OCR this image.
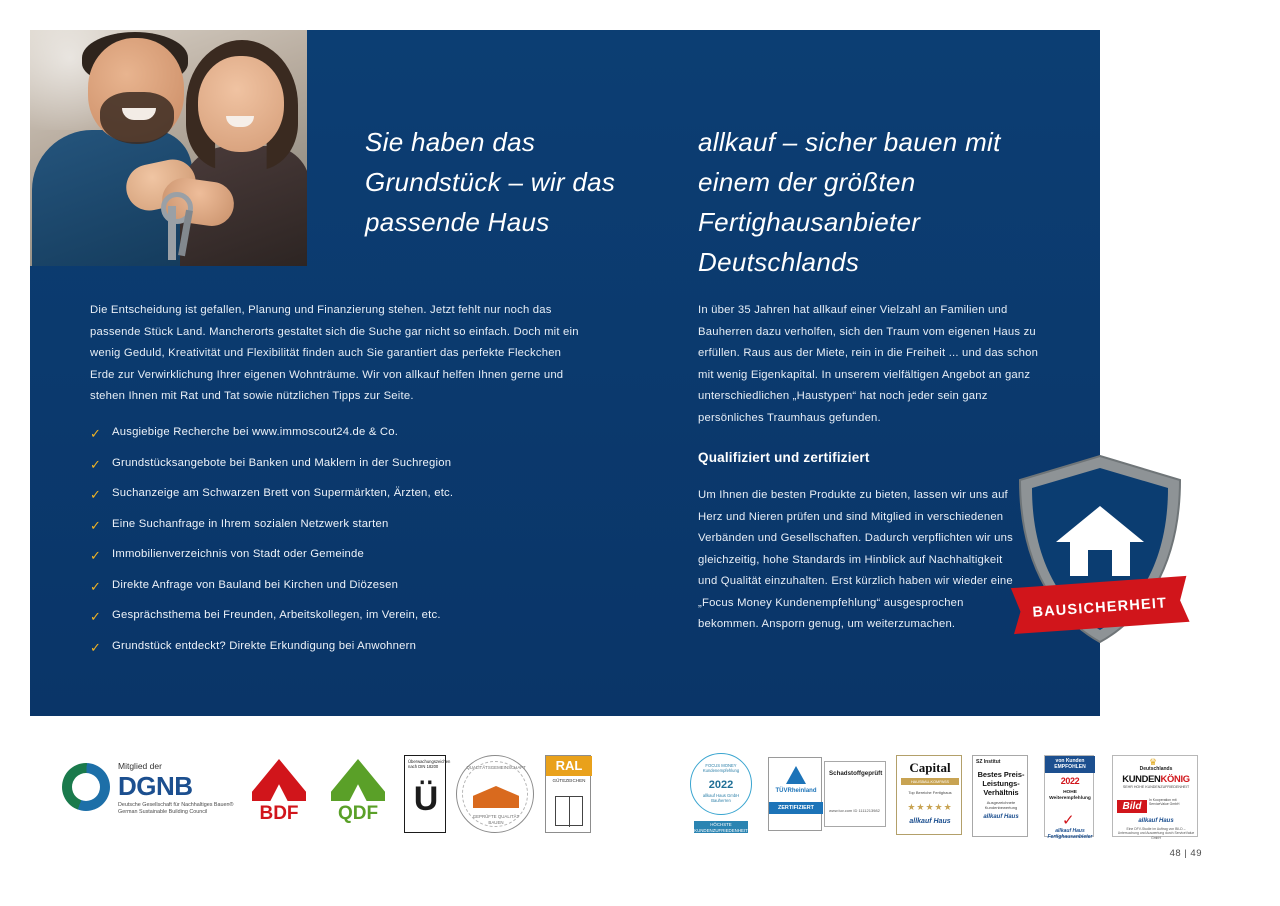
Sie haben das Grundstück – wir das passende Haus
allkauf – sicher bauen mit einem der größten Fertighausanbieter Deutschlands
Die Entscheidung ist gefallen, Planung und Finanzierung stehen. Jetzt fehlt nur noch das passende Stück Land. Mancherorts gestaltet sich die Suche gar nicht so einfach. Doch mit ein wenig Geduld, Kreativität und Flexibilität finden auch Sie garantiert das perfekte Fleckchen Erde zur Verwirklichung Ihrer eigenen Wohnträume. Wir von allkauf helfen Ihnen gerne und stehen Ihnen mit Rat und Tat sowie nützlichen Tipps zur Seite.
In über 35 Jahren hat allkauf einer Vielzahl an Familien und Bauherren dazu verholfen, sich den Traum vom eigenen Haus zu erfüllen. Raus aus der Miete, rein in die Freiheit ... und das schon mit wenig Eigenkapital. In unserem vielfältigen Angebot an ganz unterschiedlichen „Haustypen“ hat noch jeder sein ganz persönliches Traumhaus gefunden.
✓ Ausgiebige Recherche bei www.immoscout24.de & Co.
✓ Grundstücksangebote bei Banken und Maklern in der Suchregion
✓ Suchanzeige am Schwarzen Brett von Supermärkten, Ärzten, etc.
✓ Eine Suchanfrage in Ihrem sozialen Netzwerk starten
✓ Immobilienverzeichnis von Stadt oder Gemeinde
✓ Direkte Anfrage von Bauland bei Kirchen und Diözesen
✓ Gesprächsthema bei Freunden, Arbeitskollegen, im Verein, etc.
✓ Grundstück entdeckt? Direkte Erkundigung bei Anwohnern
Qualifiziert und zertifiziert
Um Ihnen die besten Produkte zu bieten, lassen wir uns auf Herz und Nieren prüfen und sind Mitglied in verschiedenen Verbänden und Gesellschaften. Dadurch verpflichten wir uns gleichzeitig, hohe Standards im Hinblick auf Nachhaltigkeit und Qualität einzuhalten. Erst kürzlich haben wir wieder eine „Focus Money Kundenempfehlung“ ausgesprochen bekommen. Ansporn genug, um weiterzumachen.
BAUSICHERHEIT
Mitglied der
DGNB
Deutsche Gesellschaft für Nachhaltiges Bauen® German Sustainable Building Council	BDF	QDF
Überwachungszeichen nach DIN 18200
Ü
QUALITÄTSGEMEINSCHAFT
GEPRÜFTE QUALITÄT BAUEN
RAL
GÜTEZEICHEN
FOCUS MONEY Kundenempfehlung
2022
allkauf Haus GmbH Bauherren
HÖCHSTE KUNDENZUFRIEDENHEIT
TÜVRheinland
ZERTIFIZIERT
Schadstoffgeprüft
www.tuv.com ID 1111213982
Capital
HAUSBAU-KOMPASS
Top Bereiche Fertighaus
★★★★★
allkauf Haus
SZ Institut
Bestes Preis-Leistungs-Verhältnis
Ausgezeichnete Kundenbewertung
allkauf Haus
von Kunden EMPFOHLEN
2022
HOHE Weiterempfehlung
✓
allkauf Haus Fertighausanbieter
♛
Deutschlands
KUNDENKÖNIG
SEHR HOHE KUNDENZUFRIEDENHEIT
Bild
In Kooperation mit ServiceValue GmbH
allkauf Haus
Eine DFV-Studie im Auftrag von BILD – Untersuchung und Auswertung durch ServiceValue GmbH
48 | 49
